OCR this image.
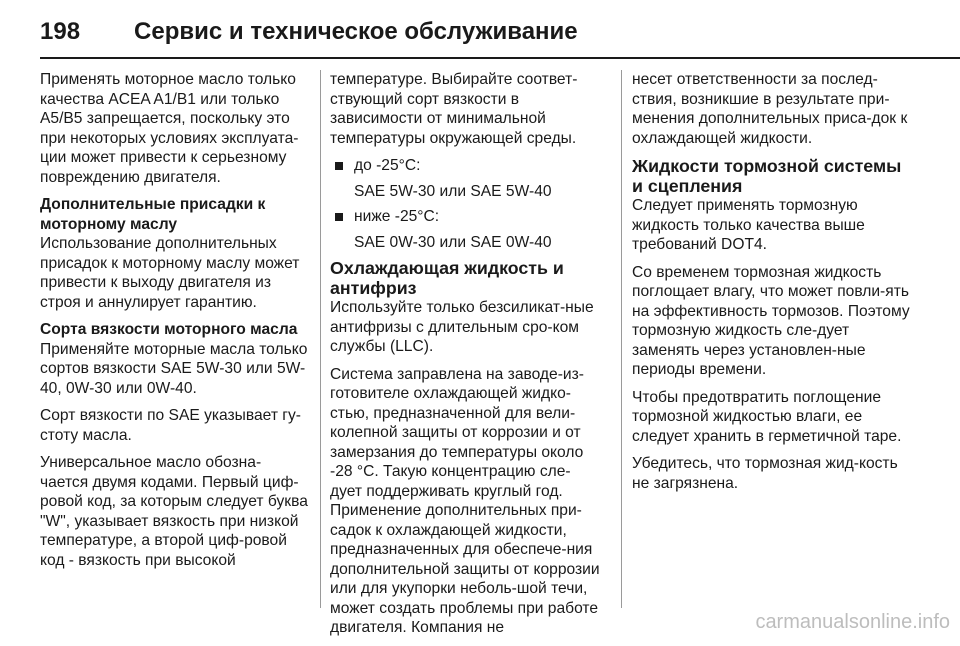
198 Сервис и техническое обслуживание

Применять моторное масло только качества ACEA A1/B1 или только A5/B5 запрещается, поскольку это при некоторых условиях эксплуата-ции может привести к серьезному повреждению двигателя.

Дополнительные присадки к моторному маслу

Использование дополнительных присадок к моторному маслу может привести к выходу двигателя из строя и аннулирует гарантию.

Сорта вязкости моторного масла

Применяйте моторные масла только сортов вязкости SAE 5W-30 или 5W-40, 0W-30 или 0W-40.

Сорт вязкости по SAE указывает гу-стоту масла.

Универсальное масло обозна-чается двумя кодами. Первый циф-ровой код, за которым следует буква "W", указывает вязкость при низкой температуре, а второй циф-ровой код - вязкость при высокой

температуре. Выбирайте соответ-ствующий сорт вязкости в зависимости от минимальной температуры окружающей среды.

до -25°C:
SAE 5W-30 или SAE 5W-40
ниже -25°C:
SAE 0W-30 или SAE 0W-40
Охлаждающая жидкость и антифриз

Используйте только безсиликат-ные антифризы с длительным сро-ком службы (LLC).

Система заправлена на заводе-из-готовителе охлаждающей жидко-стью, предназначенной для вели-колепной защиты от коррозии и от замерзания до температуры около -28 °C. Такую концентрацию сле-дует поддерживать круглый год. Применение дополнительных при-садок к охлаждающей жидкости, предназначенных для обеспече-ния дополнительной защиты от коррозии или для укупорки неболь-шой течи, может создать проблемы при работе двигателя. Компания не

несет ответственности за послед-ствия, возникшие в результате при-менения дополнительных приса-док к охлаждающей жидкости.

Жидкости тормозной системы и сцепления

Следует применять тормозную жидкость только качества выше требований DOT4.

Со временем тормозная жидкость поглощает влагу, что может повли-ять на эффективность тормозов. Поэтому тормозную жидкость сле-дует заменять через установлен-ные периоды времени.

Чтобы предотвратить поглощение тормозной жидкостью влаги, ее следует хранить в герметичной таре.

Убедитесь, что тормозная жид-кость не загрязнена.

carmanualsonline.info
